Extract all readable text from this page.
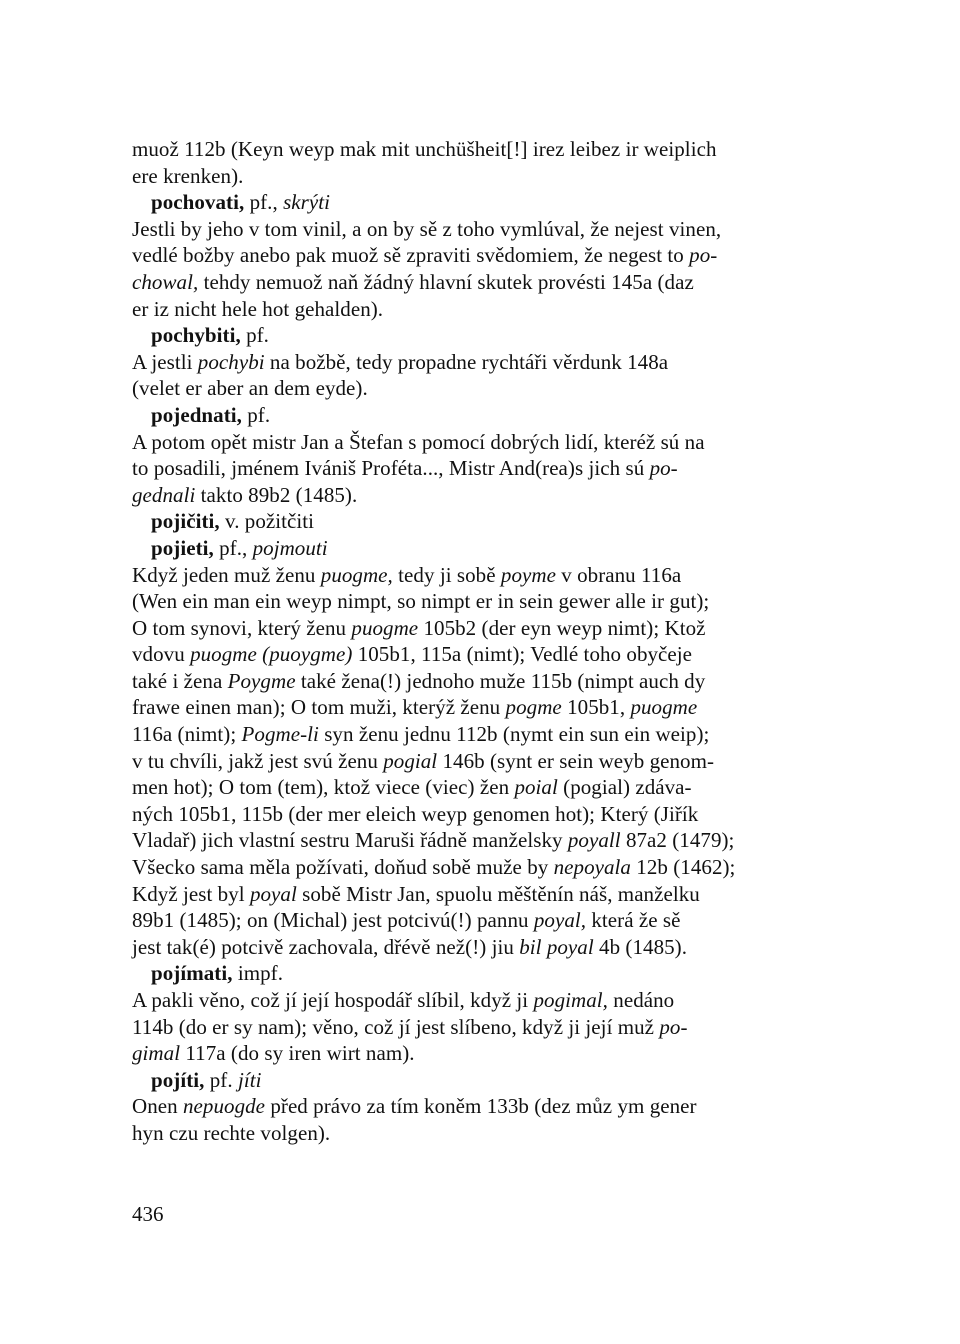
muož 112b (Keyn weyp mak mit unchüšheit[!] irez leibez ir weiplich
ere krenken).
pochovati, pf., skrýti
Jestli by jeho v tom vinil, a on by sě z toho vymlúval, že nejest vinen,
vedlé božby anebo pak muož sě zpraviti svědomiem, že negest to po-
chowal, tehdy nemuož naň žádný hlavní skutek provésti 145a (daz
er iz nicht hele hot gehalden).
pochybiti, pf.
A jestli pochybi na božbě, tedy propadne rychtáři věrdunk 148a
(velet er aber an dem eyde).
pojednati, pf.
A potom opět mistr Jan a Štefan s pomocí dobrých lidí, kteréž sú na
to posadili, jménem Ivániš Proféta..., Mistr And(rea)s jich sú po-
gednali takto 89b2 (1485).
pojičiti, v. požitčiti
pojieti, pf., pojmouti
Když jeden muž ženu puogme, tedy ji sobě poyme v obranu 116a
(Wen ein man ein weyp nimpt, so nimpt er in sein gewer alle ir gut);
O tom synovi, který ženu puogme 105b2 (der eyn weyp nimt); Ktož
vdovu puogme (puoygme) 105b1, 115a (nimt); Vedlé toho obyčeje
také i žena Poygme také žena(!) jednoho muže 115b (nimpt auch dy
frawe einen man); O tom muži, kterýž ženu pogme 105b1, puogme
116a (nimt); Pogme-li syn ženu jednu 112b (nymt ein sun ein weip);
v tu chvíli, jakž jest svú ženu pogial 146b (synt er sein weyb genom-
men hot); O tom (tem), ktož viece (viec) žen poial (pogial) zdáva-
ných 105b1, 115b (der mer eleich weyp genomen hot); Který (Jiřík
Vladař) jich vlastní sestru Maruši řádně manželsky poyall 87a2 (1479);
Všecko sama měla požívati, doňud sobě muže by nepoyala 12b (1462);
Když jest byl poyal sobě Mistr Jan, spuolu měštěnín náš, manželku
89b1 (1485); on (Michal) jest potcivú(!) pannu poyal, která že sě
jest tak(é) potcivě zachovala, dřévě než(!) jiu bil poyal 4b (1485).
pojímati, impf.
A pakli věno, což jí její hospodář slíbil, když ji pogimal, nedáno
114b (do er sy nam); věno, což jí jest slíbeno, když ji její muž po-
gimal 117a (do sy iren wirt nam).
pojíti, pf. jíti
Onen nepuogde před právo za tím koněm 133b (dez můz ym gener
hyn czu rechte volgen).
436
